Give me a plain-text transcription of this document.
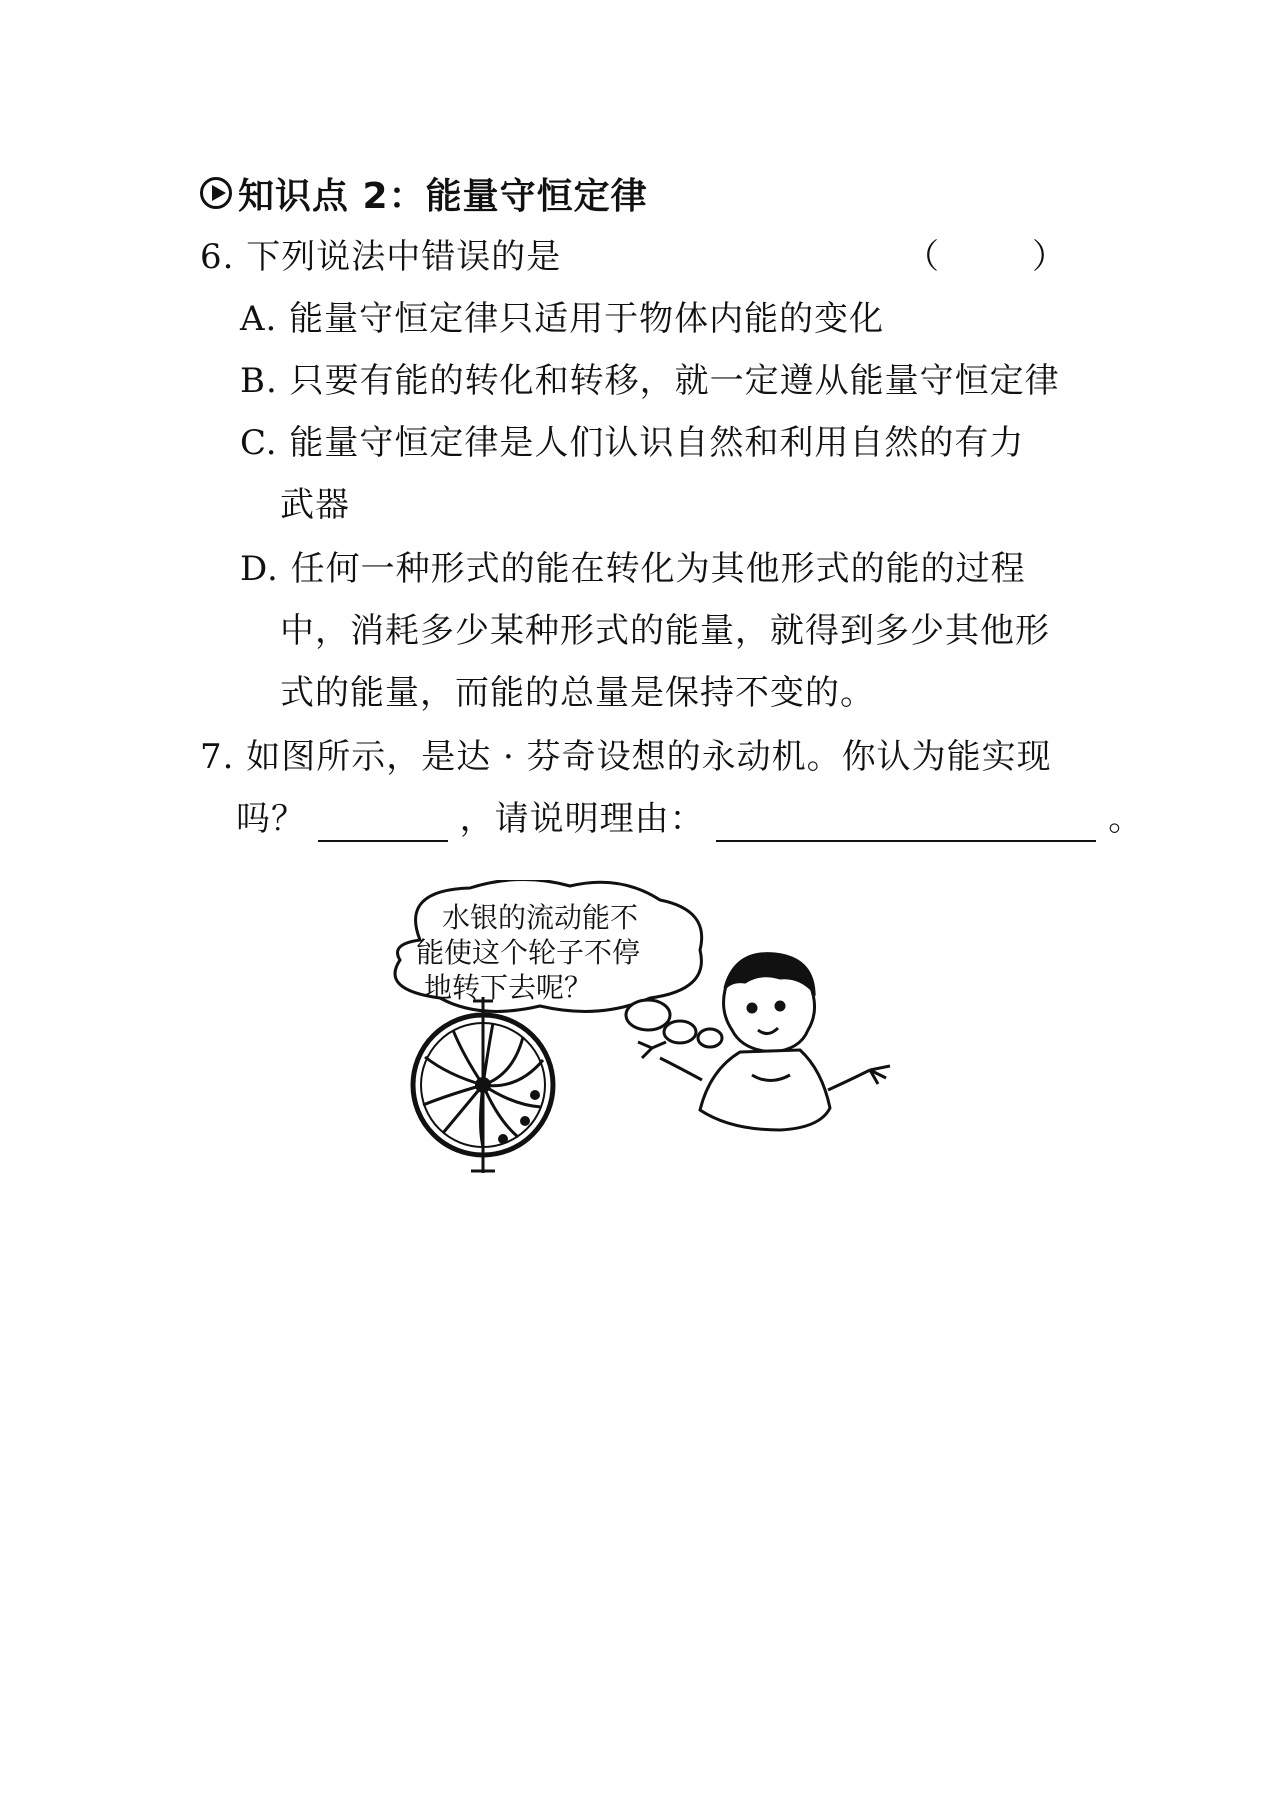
知识点 2：能量守恒定律
6. 下列说法中错误的是	（	）
A. 能量守恒定律只适用于物体内能的变化
B. 只要有能的转化和转移，就一定遵从能量守恒定律
C. 能量守恒定律是人们认识自然和利用自然的有力
武器
D. 任何一种形式的能在转化为其他形式的能的过程
中，消耗多少某种形式的能量，就得到多少其他形
式的能量，而能的总量是保持不变的。
7. 如图所示，是达 · 芬奇设想的永动机。你认为能实现
吗？	，请说明理由：	。
水银的流动能不
能使这个轮子不停
地转下去呢？
